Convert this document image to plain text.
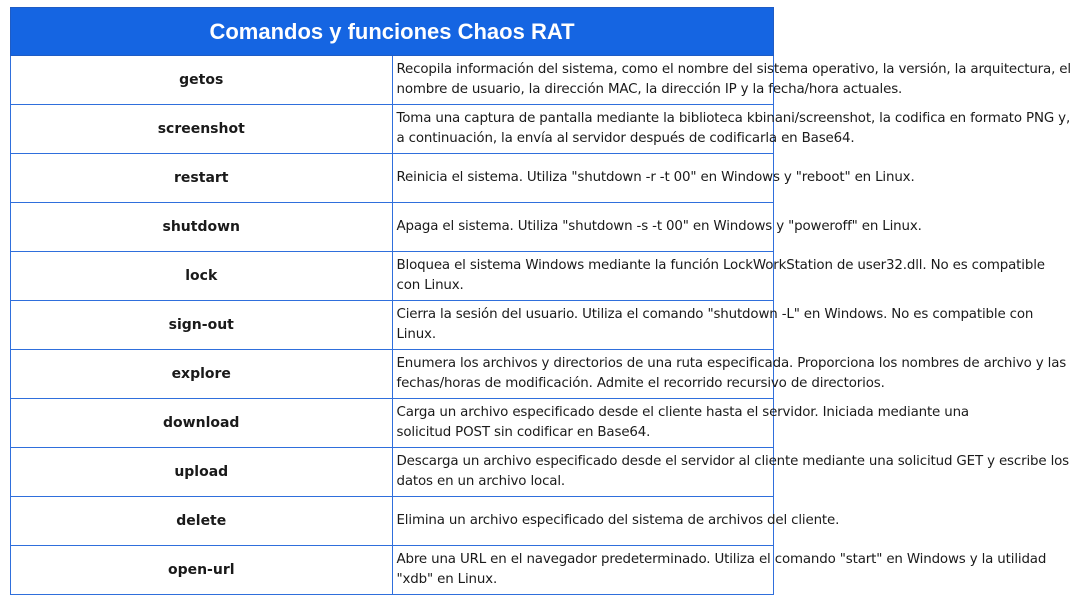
Comandos y funciones Chaos RAT	
getos	Recopila información del sistema, como el nombre del sistema operativo, la versión, la arquitectura, el
nombre de usuario, la dirección MAC, la dirección IP y la fecha/hora actuales.

screenshot	Toma una captura de pantalla mediante la biblioteca kbinani/screenshot, la codifica en formato PNG y,
a continuación, la envía al servidor después de codificarla en Base64.

restart	Reinicia el sistema. Utiliza "shutdown -r -t 00" en Windows y "reboot" en Linux.

shutdown	Apaga el sistema. Utiliza "shutdown -s -t 00" en Windows y "poweroff" en Linux.

lock	Bloquea el sistema Windows mediante la función LockWorkStation de user32.dll. No es compatible
con Linux.

sign-out	Cierra la sesión del usuario. Utiliza el comando "shutdown -L" en Windows. No es compatible con
Linux.

explore	Enumera los archivos y directorios de una ruta especificada. Proporciona los nombres de archivo y las
fechas/horas de modificación. Admite el recorrido recursivo de directorios.

download	Carga un archivo especificado desde el cliente hasta el servidor. Iniciada mediante una
solicitud POST sin codificar en Base64.

upload	Descarga un archivo especificado desde el servidor al cliente mediante una solicitud GET y escribe los
datos en un archivo local.

delete	Elimina un archivo especificado del sistema de archivos del cliente.

open-url	Abre una URL en el navegador predeterminado. Utiliza el comando "start" en Windows y la utilidad
"xdb" en Linux.
